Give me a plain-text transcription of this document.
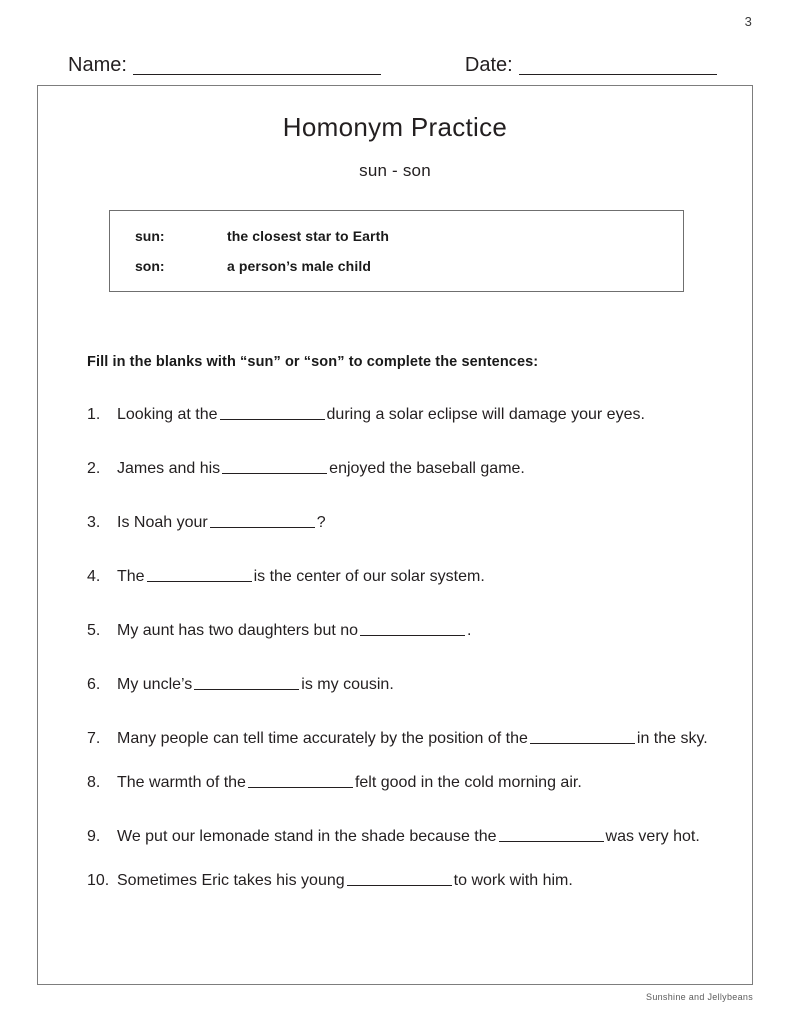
3
Name:	Date:
Homonym Practice
sun - son
sun:	the closest star to Earth
son:	a person’s male child
Fill in the blanks with “sun” or “son” to complete the sentences:
1.	Looking at the	during a solar eclipse will damage your eyes.
2.	James and his	enjoyed the baseball game.
3.	Is Noah your	?
4.	The	is the center of our solar system.
5.	My aunt has two daughters but no	.
6.	My uncle’s	is my cousin.
7.	Many people can tell time accurately by the position of the	in the sky.
8.	The warmth of the	felt good in the cold morning air.
9.	We put our lemonade stand in the shade because the	was very hot.
10. Sometimes Eric takes his young	to work with him.
Sunshine and Jellybeans
